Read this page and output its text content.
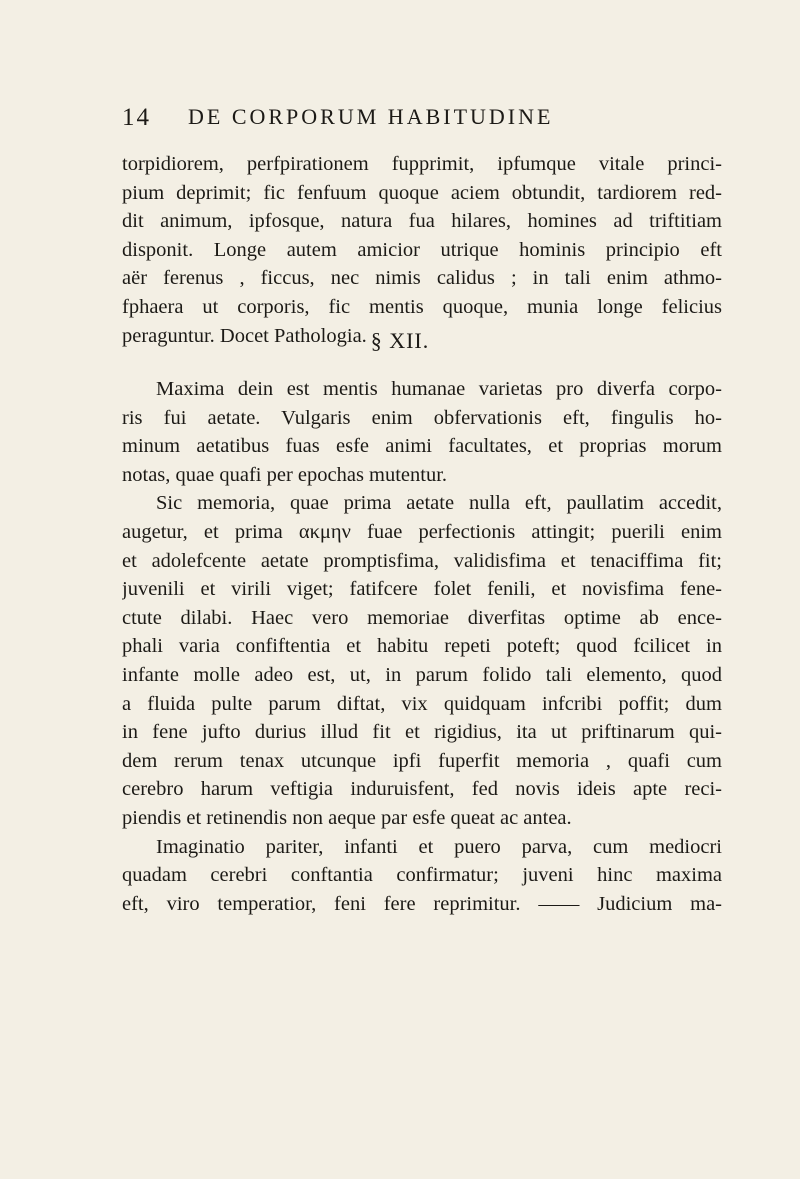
14 DE CORPORUM HABITUDINE
torpidiorem, perfpirationem fupprimit, ipfumque vitale princi-
pium deprimit; fic fenfuum quoque aciem obtundit, tardiorem red-
dit animum, ipfosque, natura fua hilares, homines ad triftitiam
disponit. Longe autem amicior utrique hominis principio eft
aër ferenus , ficcus, nec nimis calidus ; in tali enim athmo-
fphaera ut corporis, fic mentis quoque, munia longe felicius
peraguntur. Docet Pathologia. § XII.
Maxima dein est mentis humanae varietas pro diverfa corpo-
ris fui aetate. Vulgaris enim obfervationis eft, fingulis ho-
minum aetatibus fuas esfe animi facultates, et proprias morum
notas, quae quafi per epochas mutentur.
Sic memoria, quae prima aetate nulla eft, paullatim accedit,
augetur, et prima ακμην fuae perfectionis attingit; puerili enim
et adolefcente aetate promptisfima, validisfima et tenaciffima fit;
juvenili et virili viget; fatifcere folet fenili, et novisfima fene-
ctute dilabi. Haec vero memoriae diverfitas optime ab ence-
phali varia confiftentia et habitu repeti poteft; quod fcilicet in
infante molle adeo est, ut, in parum folido tali elemento, quod
a fluida pulte parum diftat, vix quidquam infcribi poffit; dum
in fene jufto durius illud fit et rigidius, ita ut priftinarum qui-
dem rerum tenax utcunque ipfi fuperfit memoria , quafi cum
cerebro harum veftigia induruisfent, fed novis ideis apte reci-
piendis et retinendis non aeque par esfe queat ac antea.
Imaginatio pariter, infanti et puero parva, cum mediocri
quadam cerebri conftantia confirmatur; juveni hinc maxima
eft, viro temperatior, feni fere reprimitur. —— Judicium ma-
